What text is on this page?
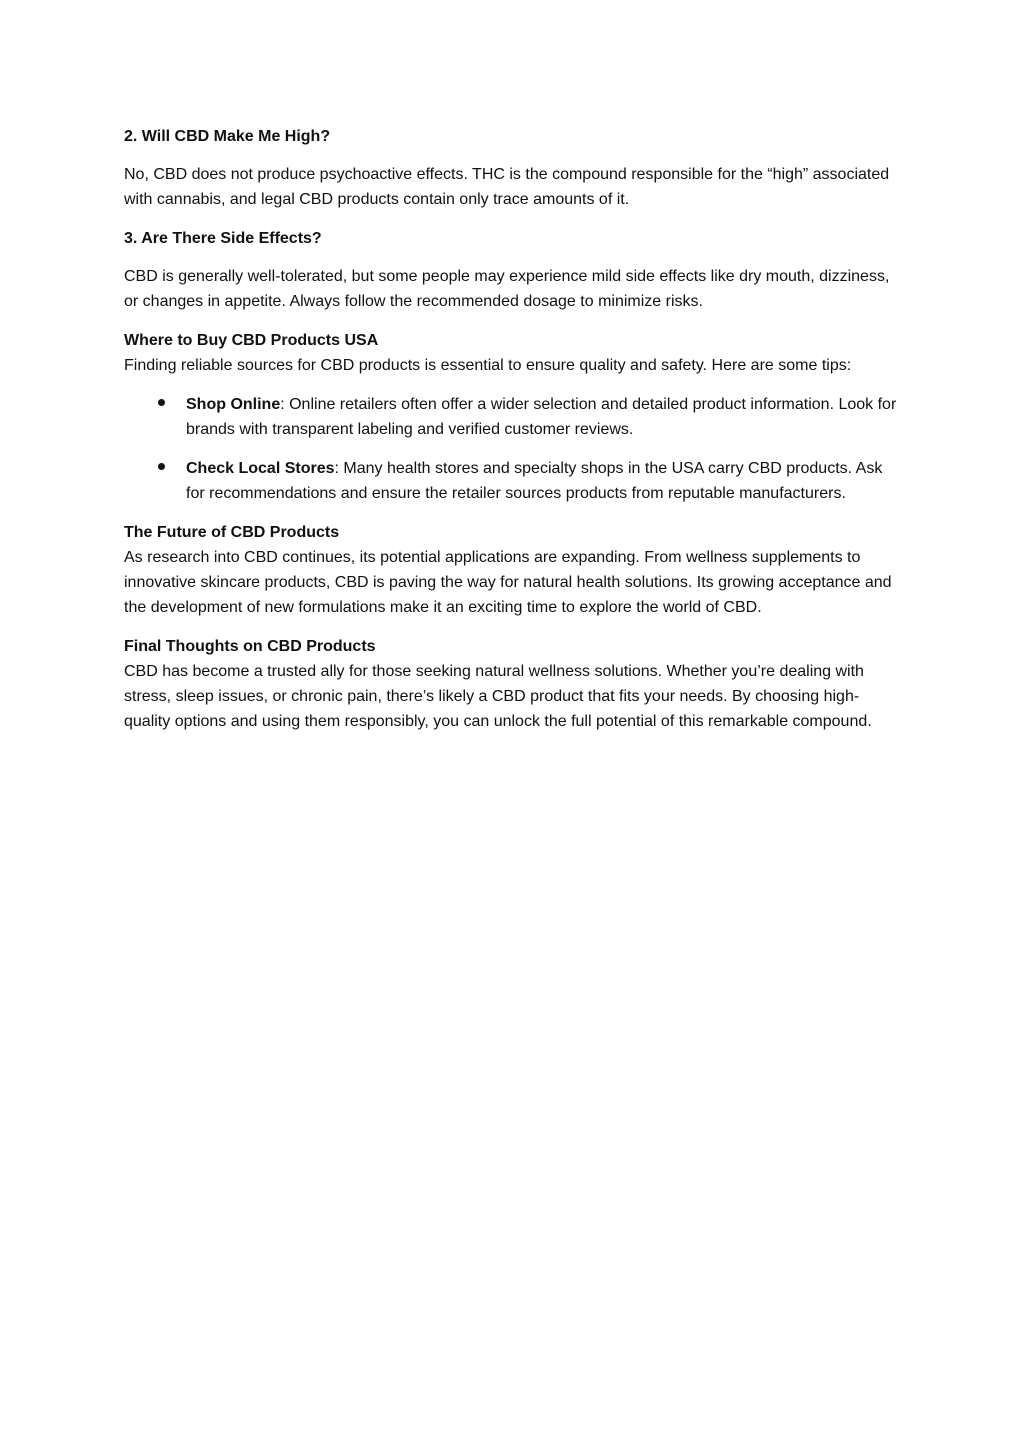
2. Will CBD Make Me High?

No, CBD does not produce psychoactive effects. THC is the compound responsible for the “high” associated with cannabis, and legal CBD products contain only trace amounts of it.

3. Are There Side Effects?

CBD is generally well-tolerated, but some people may experience mild side effects like dry mouth, dizziness, or changes in appetite. Always follow the recommended dosage to minimize risks.

Where to Buy CBD Products USA

Finding reliable sources for CBD products is essential to ensure quality and safety. Here are some tips:

Shop Online: Online retailers often offer a wider selection and detailed product information. Look for brands with transparent labeling and verified customer reviews.
Check Local Stores: Many health stores and specialty shops in the USA carry CBD products. Ask for recommendations and ensure the retailer sources products from reputable manufacturers.

The Future of CBD Products

As research into CBD continues, its potential applications are expanding. From wellness supplements to innovative skincare products, CBD is paving the way for natural health solutions. Its growing acceptance and the development of new formulations make it an exciting time to explore the world of CBD.

Final Thoughts on CBD Products

CBD has become a trusted ally for those seeking natural wellness solutions. Whether you’re dealing with stress, sleep issues, or chronic pain, there’s likely a CBD product that fits your needs. By choosing high-quality options and using them responsibly, you can unlock the full potential of this remarkable compound.
